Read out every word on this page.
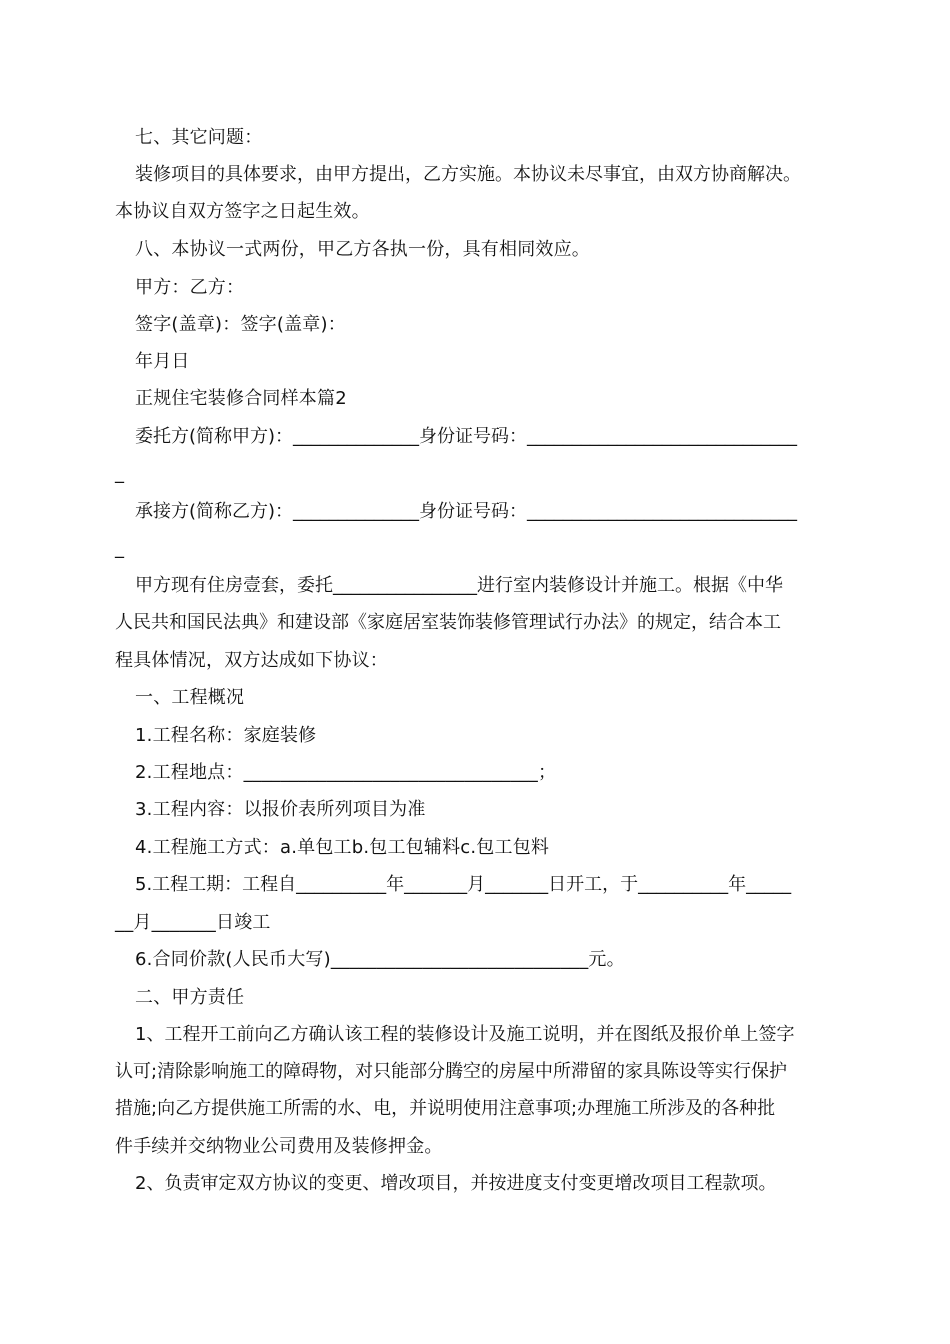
七、其它问题：
装修项目的具体要求，由甲方提出，乙方实施。本协议未尽事宜，由双方协商解决。
本协议自双方签字之日起生效。
八、本协议一式两份，甲乙方各执一份，具有相同效应。
甲方：乙方：
签字(盖章)：签字(盖章)：
年月日
正规住宅装修合同样本篇2
委托方(简称甲方)：______________身份证号码：______________________________
_
承接方(简称乙方)：______________身份证号码：______________________________
_
甲方现有住房壹套，委托________________进行室内装修设计并施工。根据《中华
人民共和国民法典》和建设部《家庭居室装饰装修管理试行办法》的规定，结合本工
程具体情况，双方达成如下协议：
一、工程概况
1.工程名称：家庭装修
2.工程地点：________________________________；
3.工程内容：以报价表所列项目为准
4.工程施工方式：a.单包工b.包工包辅料c.包工包料
5.工程工期：工程自__________年_______月_______日开工，于__________年_____
__月_______日竣工
6.合同价款(人民币大写)____________________________元。
二、甲方责任
1、工程开工前向乙方确认该工程的装修设计及施工说明，并在图纸及报价单上签字
认可;清除影响施工的障碍物，对只能部分腾空的房屋中所滞留的家具陈设等实行保护
措施;向乙方提供施工所需的水、电，并说明使用注意事项;办理施工所涉及的各种批
件手续并交纳物业公司费用及装修押金。
2、负责审定双方协议的变更、增改项目，并按进度支付变更增改项目工程款项。
